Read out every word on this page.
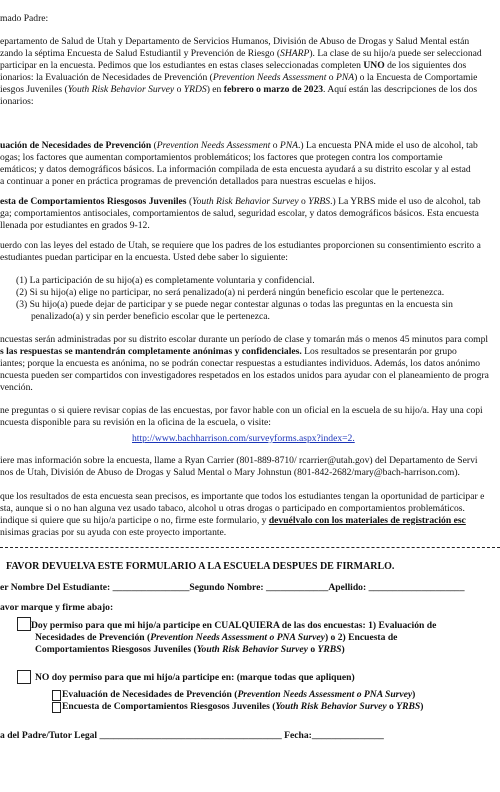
mado Padre:
epartamento de Salud de Utah y Departamento de Servicios Humanos, División de Abuso de Drogas y Salud Mental están
zando la séptima Encuesta de Salud Estudiantil y Prevención de Riesgo (SHARP). La clase de su hijo/a puede ser seleccionad
participar en la encuesta. Pedimos que los estudiantes en estas clases seleccionadas completen UNO de los siguientes dos
ionarios: la Evaluación de Necesidades de Prevención (Prevention Needs Assessment o PNA) o la Encuesta de Comportamie
iesgos Juveniles (Youth Risk Behavior Survey o YRDS) en febrero o marzo de 2023. Aquí están las descripciones de los dos
ionarios:
uación de Necesidades de Prevención (Prevention Needs Assessment o PNA.) La encuesta PNA mide el uso de alcohol, tab
ogas; los factores que aumentan comportamientos problemáticos; los factores que protegen contra los comportamie
emáticos; y datos demográficos básicos. La información compilada de esta encuesta ayudará a su distrito escolar y al estad
a continuar a poner en práctica programas de prevención detallados para nuestras escuelas e hijos.
esta de Comportamientos Riesgosos Juveniles (Youth Risk Behavior Survey o YRBS.) La YRBS mide el uso de alcohol, tab
ga; comportamientos antisociales, comportamientos de salud, seguridad escolar, y datos demográficos básicos. Esta encuesta
llenada por estudiantes en grados 9-12.
uerdo con las leyes del estado de Utah, se requiere que los padres de los estudiantes proporcionen su consentimiento escrito a
estudiantes puedan participar en la encuesta. Usted debe saber lo siguiente:
(1) La participación de su hijo(a) es completamente voluntaria y confidencial.
(2) Si su hijo(a) elige no participar, no será penalizado(a) ni perderá ningún beneficio escolar que le pertenezca.
(3) Su hijo(a) puede dejar de participar y se puede negar contestar algunas o todas las preguntas en la encuesta sin
penalizado(a) y sin perder beneficio escolar que le pertenezca.
ncuestas serán administradas por su distrito escolar durante un período de clase y tomarán más o menos 45 minutos para compl
s las respuestas se mantendrán completamente anónimas y confidenciales. Los resultados se presentarán por grupo
iantes; porque la encuesta es anónima, no se podrán conectar respuestas a estudiantes individuos. Además, los datos anónimo
ncuesta pueden ser compartidos con investigadores respetados en los estados unidos para ayudar con el planeamiento de progra
vención.
ne preguntas o si quiere revisar copias de las encuestas, por favor hable con un oficial en la escuela de su hijo/a. Hay una copi
ncuesta disponible para su revisión en la oficina de la escuela, o visite:
http://www.bachharrison.com/surveyforms.aspx?index=2.
iere mas información sobre la encuesta, llame a Ryan Carrier (801-889-8710/ rcarrier@utah.gov) del Departamento de Servi
nos de Utah, División de Abuso de Drogas y Salud Mental o Mary Johnstun (801-842-2682/mary@bach-harrison.com).
que los resultados de esta encuesta sean precisos, es importante que todos los estudiantes tengan la oportunidad de participar e
sta, aunque si o no han alguna vez usado tabaco, alcohol u otras drogas o participado en comportamientos problemáticos.
indique si quiere que su hijo/a participe o no, firme este formulario, y devuélvalo con los materiales de registración esc
nisimas gracias por su ayuda con este proyecto importante.
FAVOR DEVUELVA ESTE FORMULARIO A LA ESCUELA DESPUES DE FIRMARLO.
er Nombre Del Estudiante: ________________Segundo Nombre: _____________Apellido: ____________________
avor marque y firme abajo:
Doy permiso para que mi hijo/a participe en CUALQUIERA de las dos encuestas: 1) Evaluación de
Necesidades de Prevención (Prevention Needs Assessment o PNA Survey) o 2) Encuesta de
Comportamientos Riesgosos Juveniles (Youth Risk Behavior Survey o YRBS)
NO doy permiso para que mi hijo/a participe en: (marque todas que apliquen)
Evaluación de Necesidades de Prevención (Prevention Needs Assessment o PNA Survey)
Encuesta de Comportamientos Riesgosos Juveniles (Youth Risk Behavior Survey o YRBS)
a del Padre/Tutor Legal ______________________________________ Fecha:_______________
